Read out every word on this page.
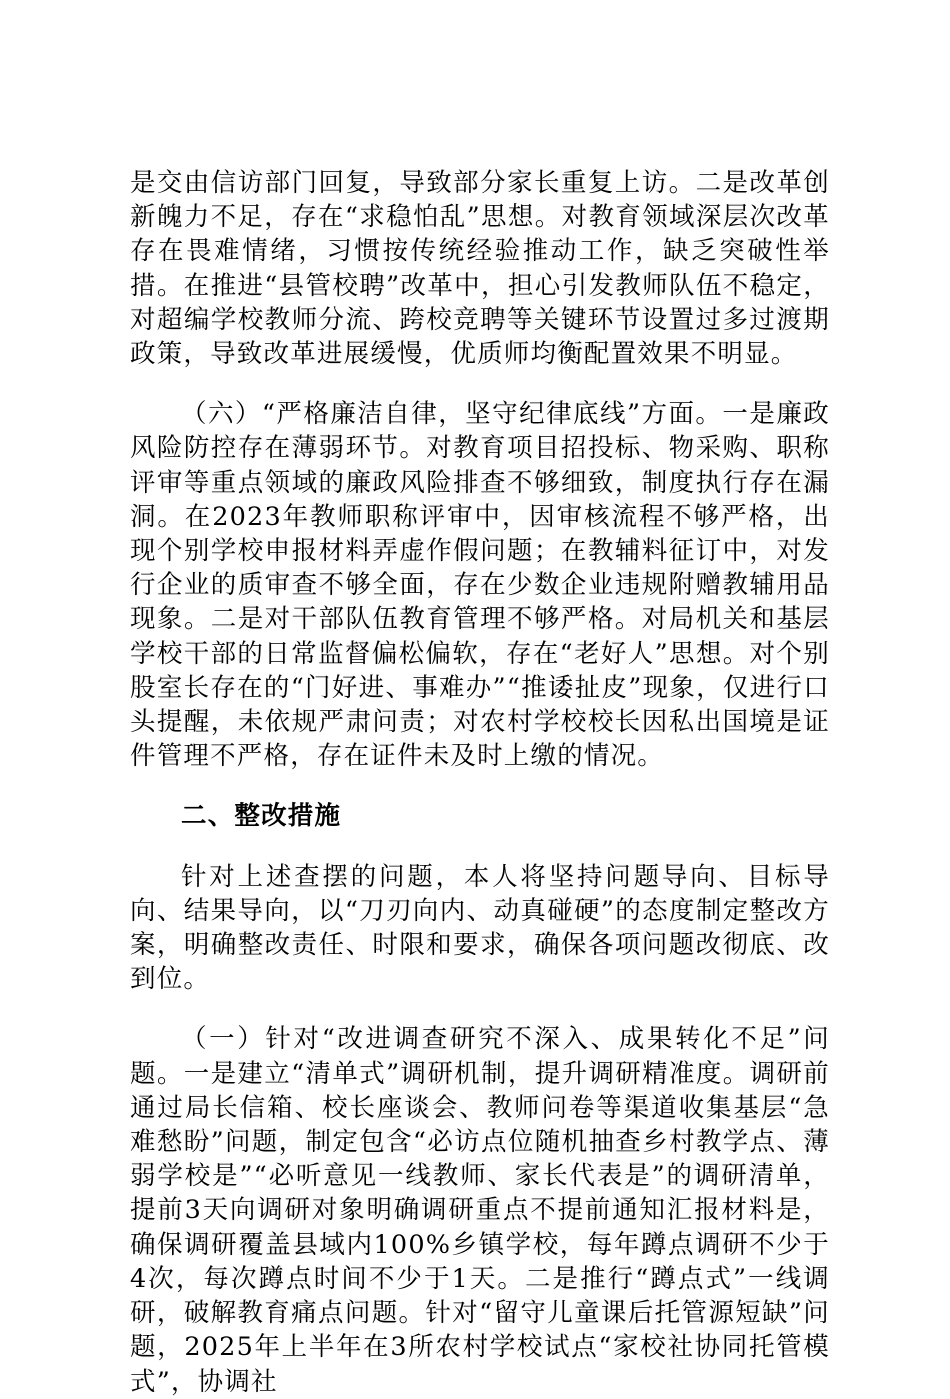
是交由信访部门回复，导致部分家长重复上访。二是改革创新魄力不足，存在“求稳怕乱”思想。对教育领域深层次改革存在畏难情绪，习惯按传统经验推动工作，缺乏突破性举措。在推进“县管校聘”改革中，担心引发教师队伍不稳定，对超编学校教师分流、跨校竞聘等关键环节设置过多过渡期政策，导致改革进展缓慢，优质师均衡配置效果不明显。

（六）“严格廉洁自律，坚守纪律底线”方面。一是廉政风险防控存在薄弱环节。对教育项目招投标、物采购、职称评审等重点领域的廉政风险排查不够细致，制度执行存在漏洞。在2023年教师职称评审中，因审核流程不够严格，出现个别学校申报材料弄虚作假问题；在教辅料征订中，对发行企业的质审查不够全面，存在少数企业违规附赠教辅用品现象。二是对干部队伍教育管理不够严格。对局机关和基层学校干部的日常监督偏松偏软，存在“老好人”思想。对个别股室长存在的“门好进、事难办”“推诿扯皮”现象，仅进行口头提醒，未依规严肃问责；对农村学校校长因私出国境是证件管理不严格，存在证件未及时上缴的情况。

二、整改措施

针对上述查摆的问题，本人将坚持问题导向、目标导向、结果导向，以“刀刃向内、动真碰硬”的态度制定整改方案，明确整改责任、时限和要求，确保各项问题改彻底、改到位。

（一）针对“改进调查研究不深入、成果转化不足”问题。一是建立“清单式”调研机制，提升调研精准度。调研前通过局长信箱、校长座谈会、教师问卷等渠道收集基层“急难愁盼”问题，制定包含“必访点位随机抽查乡村教学点、薄弱学校是”“必听意见一线教师、家长代表是”的调研清单，提前3天向调研对象明确调研重点不提前通知汇报材料是，确保调研覆盖县域内100%乡镇学校，每年蹲点调研不少于4次，每次蹲点时间不少于1天。二是推行“蹲点式”一线调研，破解教育痛点问题。针对“留守儿童课后托管源短缺”问题，2025年上半年在3所农村学校试点“家校社协同托管模式”，协调社
